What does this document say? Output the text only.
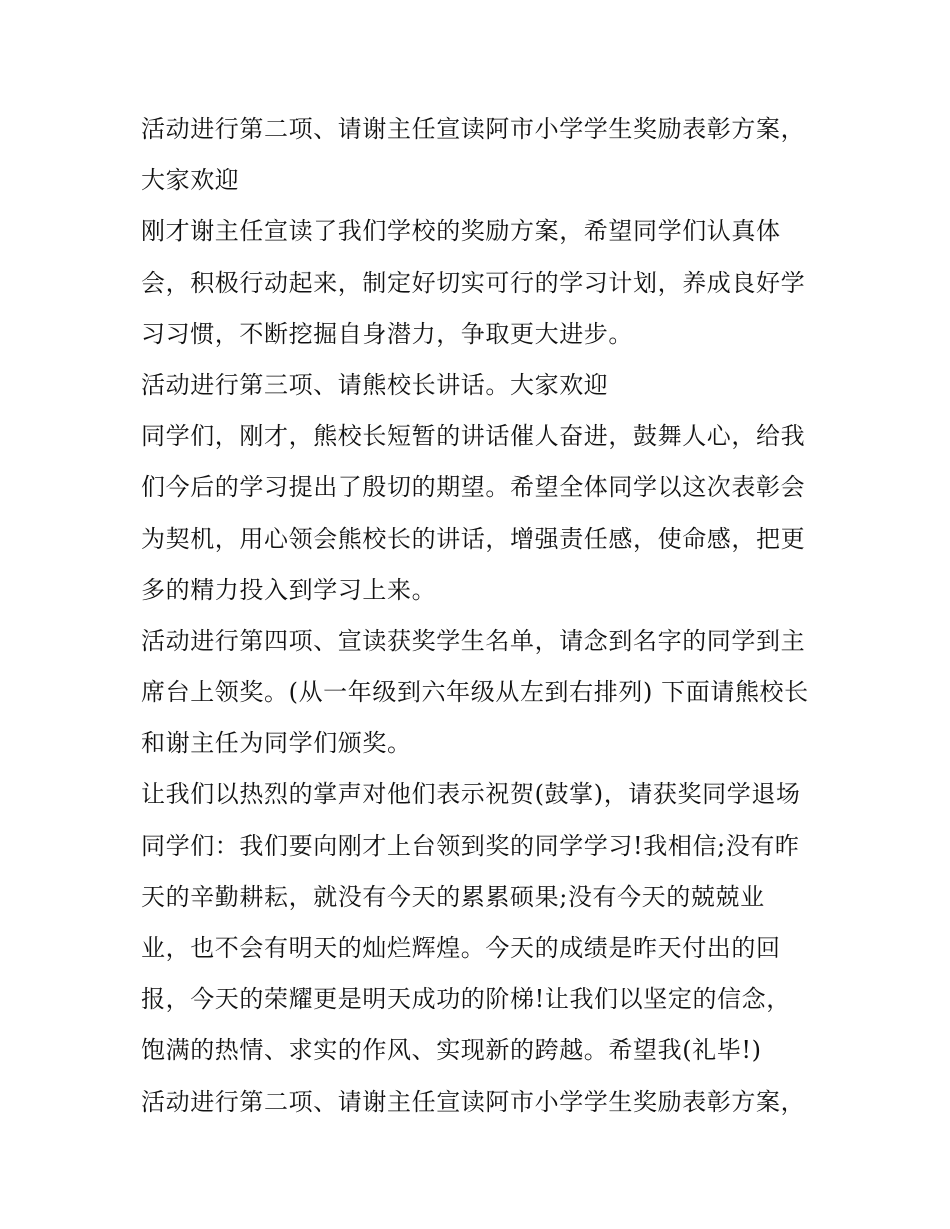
活动进行第二项、请谢主任宣读阿市小学学生奖励表彰方案，
大家欢迎
刚才谢主任宣读了我们学校的奖励方案，希望同学们认真体
会，积极行动起来，制定好切实可行的学习计划，养成良好学
习习惯，不断挖掘自身潜力，争取更大进步。
活动进行第三项、请熊校长讲话。大家欢迎
同学们，刚才，熊校长短暂的讲话催人奋进，鼓舞人心，给我
们今后的学习提出了殷切的期望。希望全体同学以这次表彰会
为契机，用心领会熊校长的讲话，增强责任感，使命感，把更
多的精力投入到学习上来。
活动进行第四项、宣读获奖学生名单，请念到名字的同学到主
席台上领奖。(从一年级到六年级从左到右排列) 下面请熊校长
和谢主任为同学们颁奖。
让我们以热烈的掌声对他们表示祝贺(鼓掌)，请获奖同学退场
同学们：我们要向刚才上台领到奖的同学学习!我相信;没有昨
天的辛勤耕耘，就没有今天的累累硕果;没有今天的兢兢业
业，也不会有明天的灿烂辉煌。今天的成绩是昨天付出的回
报，今天的荣耀更是明天成功的阶梯!让我们以坚定的信念，
饱满的热情、求实的作风、实现新的跨越。希望我(礼毕!)
活动进行第二项、请谢主任宣读阿市小学学生奖励表彰方案，
